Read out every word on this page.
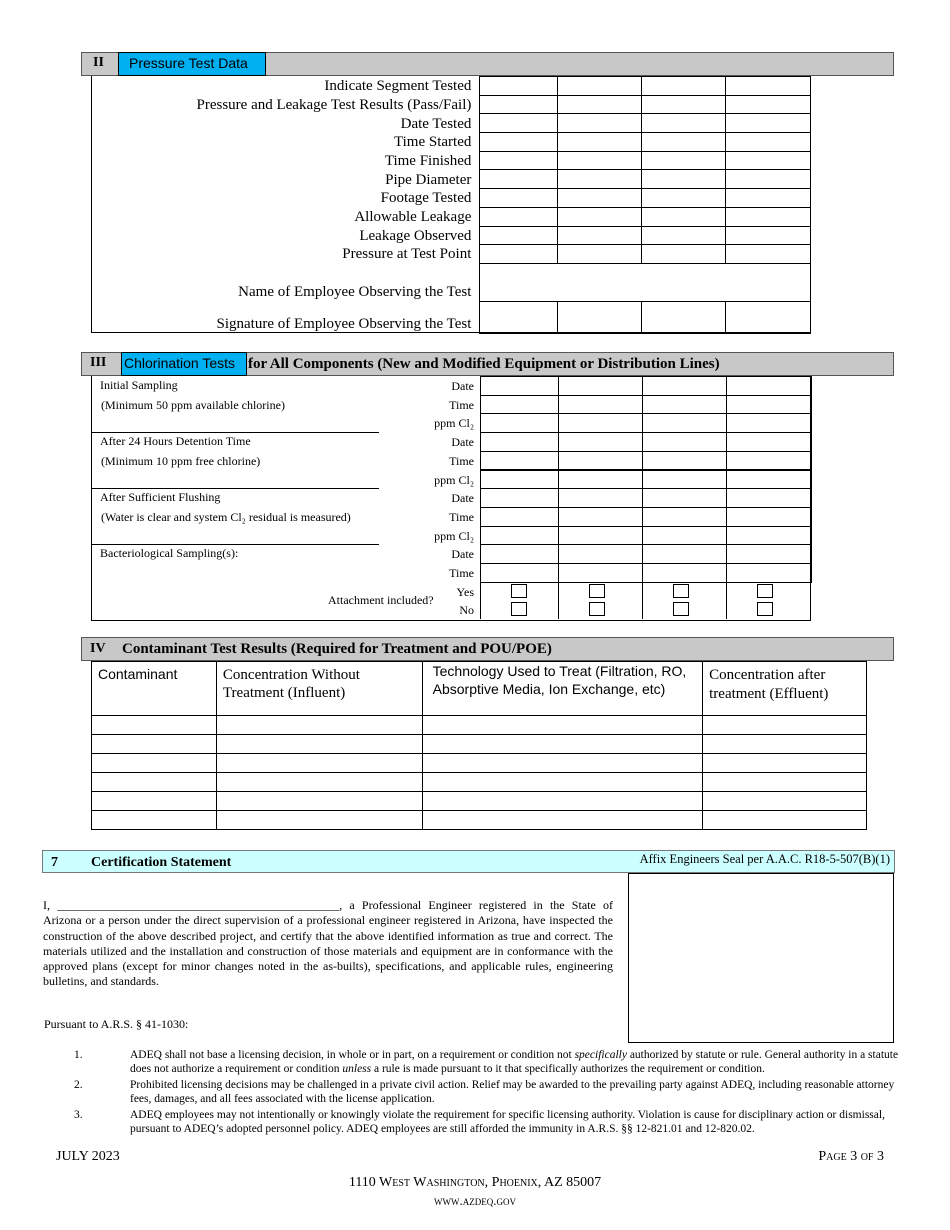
II	Pressure Test Data
Indicate Segment Tested				
Pressure and Leakage Test Results (Pass/Fail)				
Date Tested				
Time Started				
Time Finished				
Pipe Diameter				
Footage Tested				
Allowable Leakage				
Leakage Observed				
Pressure at Test Point				
Name of Employee Observing the Test				
Signature of Employee Observing the Test				
III Chlorination Tests for All Components (New and Modified Equipment or Distribution Lines)
Initial Sampling
(Minimum 50 ppm available chlorine)
Date
Time
ppm Cl₂
After 24 Hours Detention Time
(Minimum 10 ppm free chlorine)
Date
Time
ppm Cl₂
After Sufficient Flushing
(Water is clear and system Cl₂ residual is measured)
Date
Time
ppm Cl₂
Bacteriological Sampling(s):	Date
Time
Attachment included?
Yes
No
IV Contaminant Test Results (Required for Treatment and POU/POE)
Contaminant	Concentration Without Treatment (Influent)	Technology Used to Treat (Filtration, RO, Absorptive Media, Ion Exchange, etc)	Concentration after treatment (Effluent)

7 Certification Statement	Affix Engineers Seal per A.A.C. R18-5-507(B)(1)
I, _______________________________________________, a Professional Engineer registered in the State of Arizona or a person under the direct supervision of a professional engineer registered in Arizona, have inspected the construction of the above described project, and certify that the above identified information as true and correct. The materials utilized and the installation and construction of those materials and equipment are in conformance with the approved plans (except for minor changes noted in the as-builts), specifications, and applicable rules, engineering bulletins, and standards.
Pursuant to A.R.S. § 41-1030:
1.	ADEQ shall not base a licensing decision, in whole or in part, on a requirement or condition not specifically authorized by statute or rule. General authority in a statute does not authorize a requirement or condition unless a rule is made pursuant to it that specifically authorizes the requirement or condition.
2.	Prohibited licensing decisions may be challenged in a private civil action. Relief may be awarded to the prevailing party against ADEQ, including reasonable attorney fees, damages, and all fees associated with the license application.
3.	ADEQ employees may not intentionally or knowingly violate the requirement for specific licensing authority. Violation is cause for disciplinary action or dismissal, pursuant to ADEQ’s adopted personnel policy. ADEQ employees are still afforded the immunity in A.R.S. §§ 12-821.01 and 12-820.02.
JULY 2023	Page 3 of 3
1110 West Washington, Phoenix, AZ 85007
www.azdeq.gov
